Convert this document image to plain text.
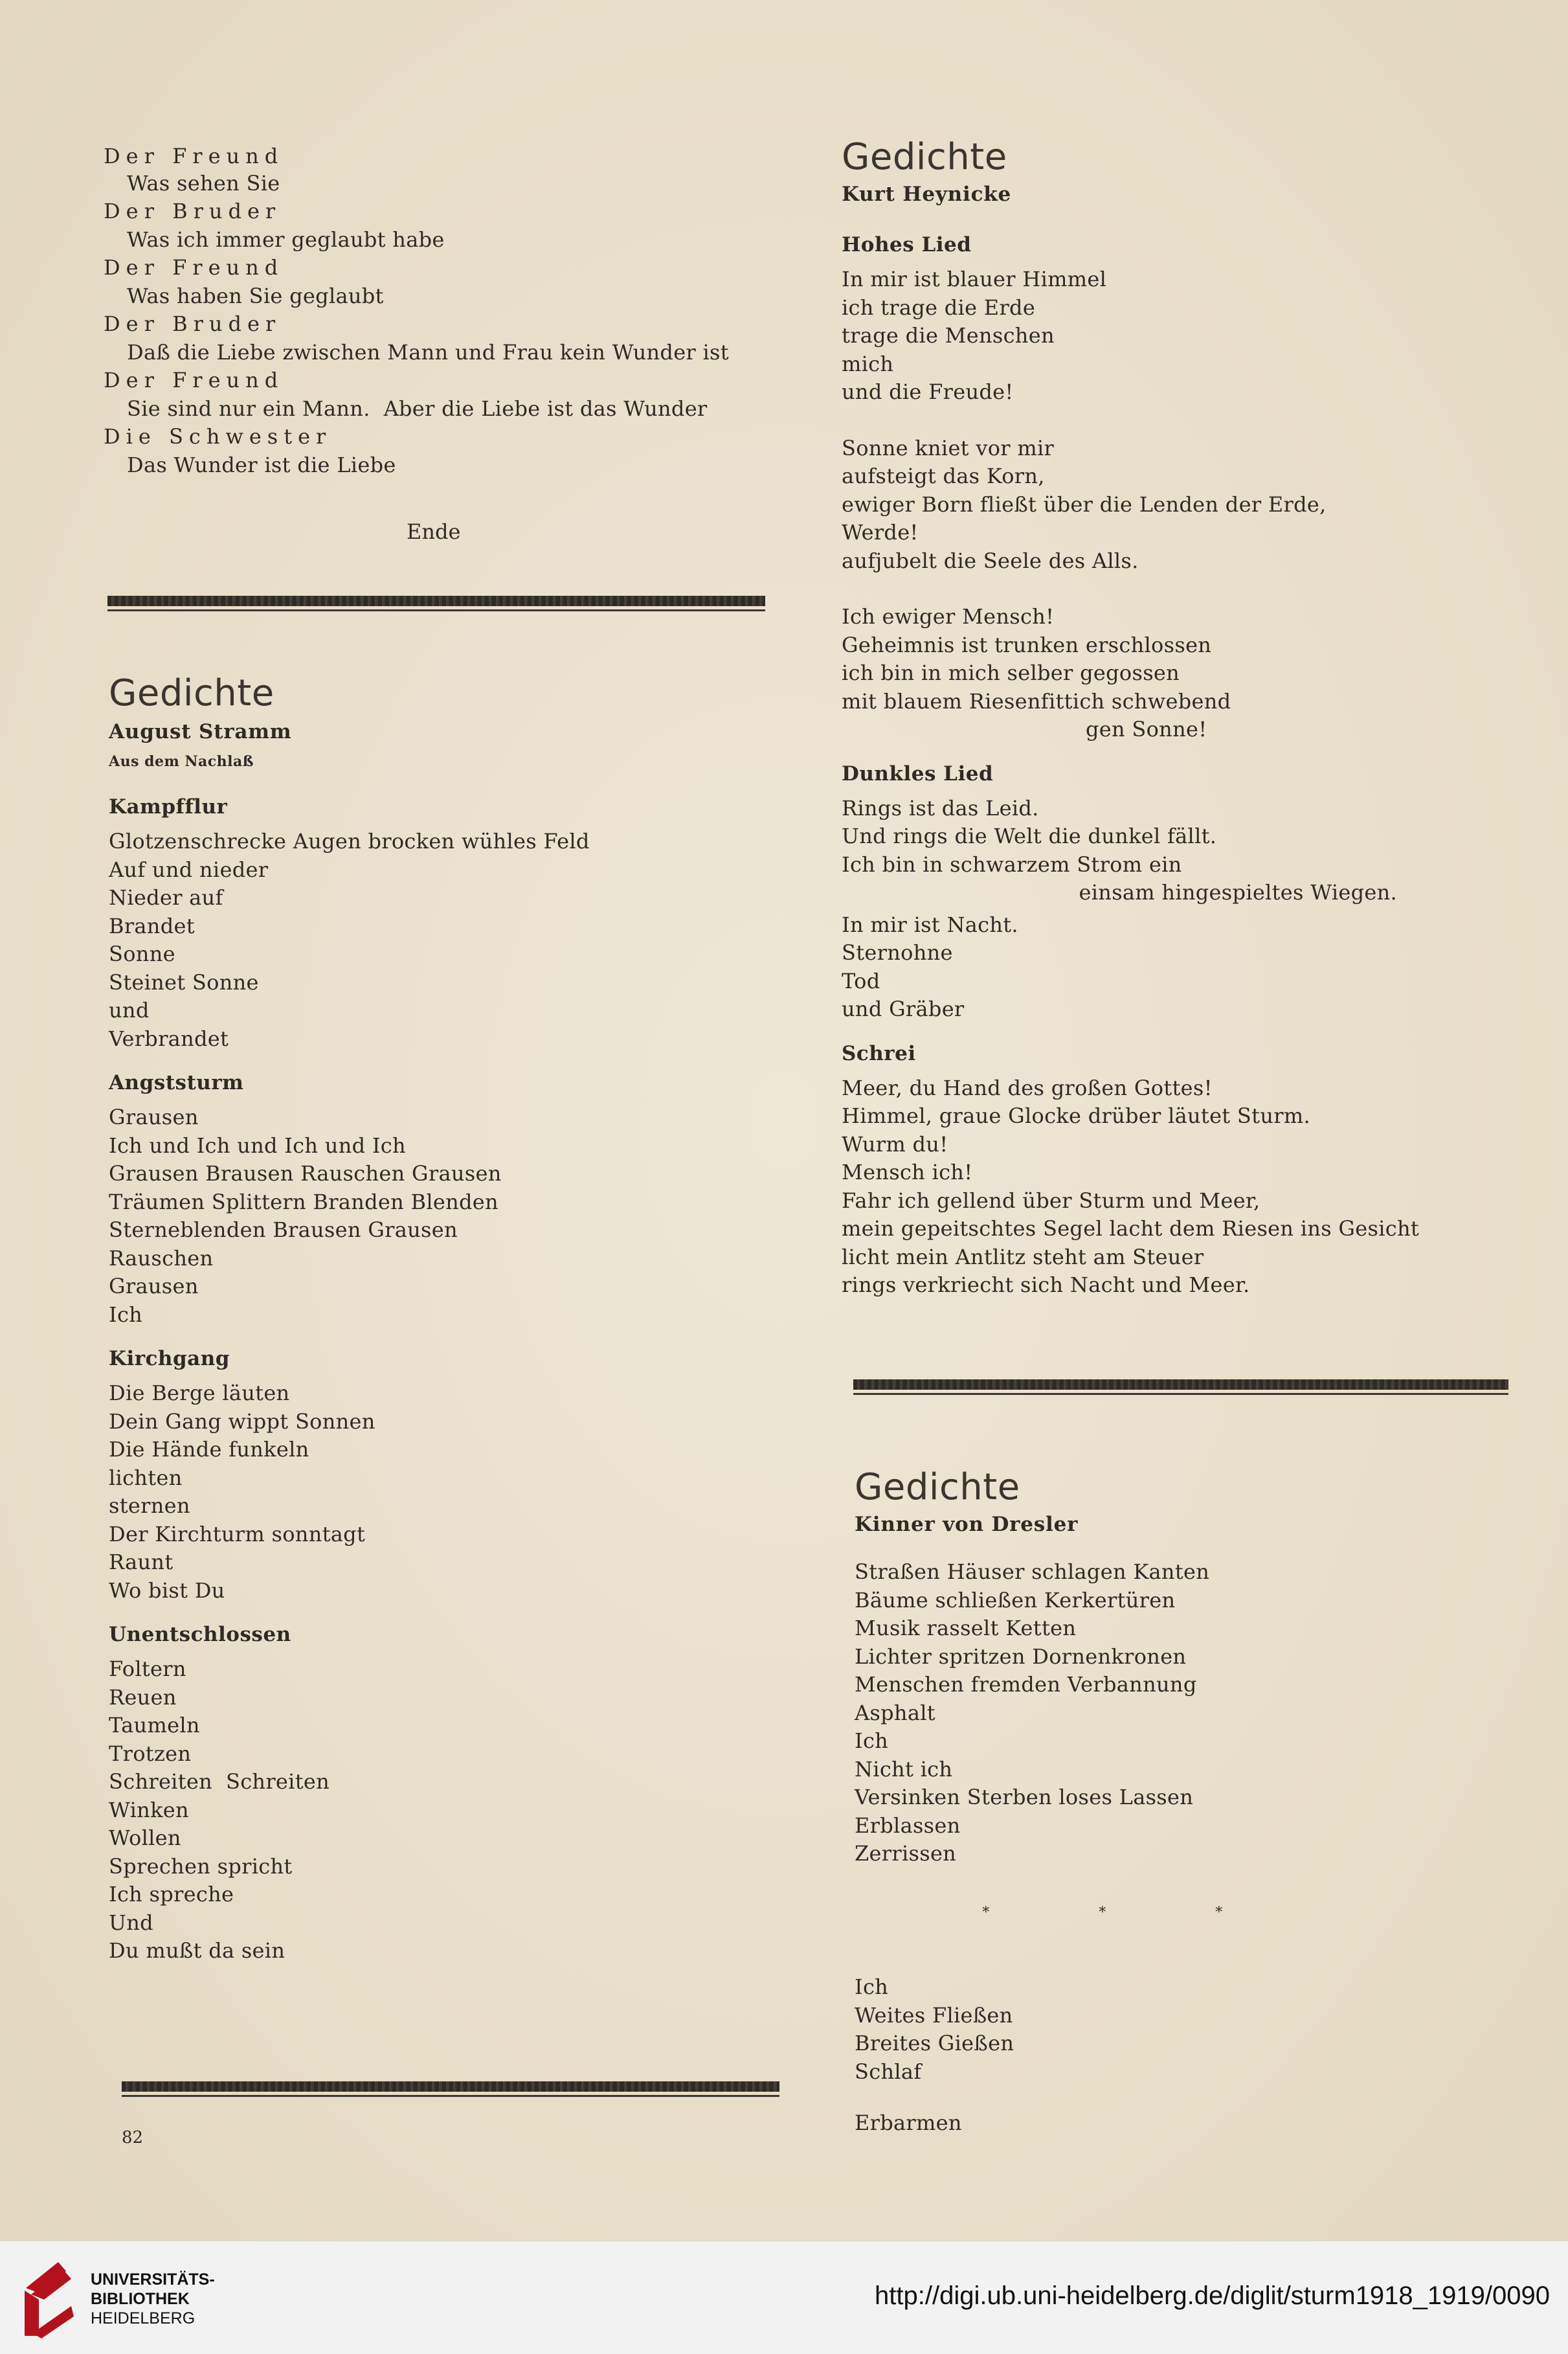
Der Freund
Was sehen Sie
Der Bruder
Was ich immer geglaubt habe
Der Freund
Was haben Sie geglaubt
Der Bruder
Daß die Liebe zwischen Mann und Frau kein Wunder ist
Der Freund
Sie sind nur ein Mann.  Aber die Liebe ist das Wunder
Die Schwester
Das Wunder ist die Liebe
Ende
Gedichte
August Stramm
Aus dem Nachlaß
Kampfflur
Glotzenschrecke Augen brocken wühles Feld
Auf und nieder
Nieder auf
Brandet
Sonne
Steinet Sonne
und
Verbrandet
Angststurm
Grausen
Ich und Ich und Ich und Ich
Grausen Brausen Rauschen Grausen
Träumen Splittern Branden Blenden
Sterneblenden Brausen Grausen
Rauschen
Grausen
Ich
Kirchgang
Die Berge läuten
Dein Gang wippt Sonnen
Die Hände funkeln
lichten
sternen
Der Kirchturm sonntagt
Raunt
Wo bist Du
Unentschlossen
Foltern
Reuen
Taumeln
Trotzen
Schreiten  Schreiten
Winken
Wollen
Sprechen spricht
Ich spreche
Und
Du mußt da sein
82
Gedichte
Kurt Heynicke
Hohes Lied
In mir ist blauer Himmel
ich trage die Erde
trage die Menschen
mich
und die Freude!
Sonne kniet vor mir
aufsteigt das Korn,
ewiger Born fließt über die Lenden der Erde,
Werde!
aufjubelt die Seele des Alls.
Ich ewiger Mensch!
Geheimnis ist trunken erschlossen
ich bin in mich selber gegossen
mit blauem Riesenfittich schwebend
gen Sonne!
Dunkles Lied
Rings ist das Leid.
Und rings die Welt die dunkel fällt.
Ich bin in schwarzem Strom ein
einsam hingespieltes Wiegen.
In mir ist Nacht.
Sternohne
Tod
und Gräber
Schrei
Meer, du Hand des großen Gottes!
Himmel, graue Glocke drüber läutet Sturm.
Wurm du!
Mensch ich!
Fahr ich gellend über Sturm und Meer,
mein gepeitschtes Segel lacht dem Riesen ins Gesicht
licht mein Antlitz steht am Steuer
rings verkriecht sich Nacht und Meer.
Gedichte
Kinner von Dresler
Straßen Häuser schlagen Kanten
Bäume schließen Kerkertüren
Musik rasselt Ketten
Lichter spritzen Dornenkronen
Menschen fremden Verbannung
Asphalt
Ich
Nicht ich
Versinken Sterben loses Lassen
Erblassen
Zerrissen

*	*	*

Ich
Weites Fließen
Breites Gießen
Schlaf
Erbarmen
UNIVERSITÄTS-
BIBLIOTHEK
HEIDELBERG
http://digi.ub.uni-heidelberg.de/diglit/sturm1918_1919/0090
